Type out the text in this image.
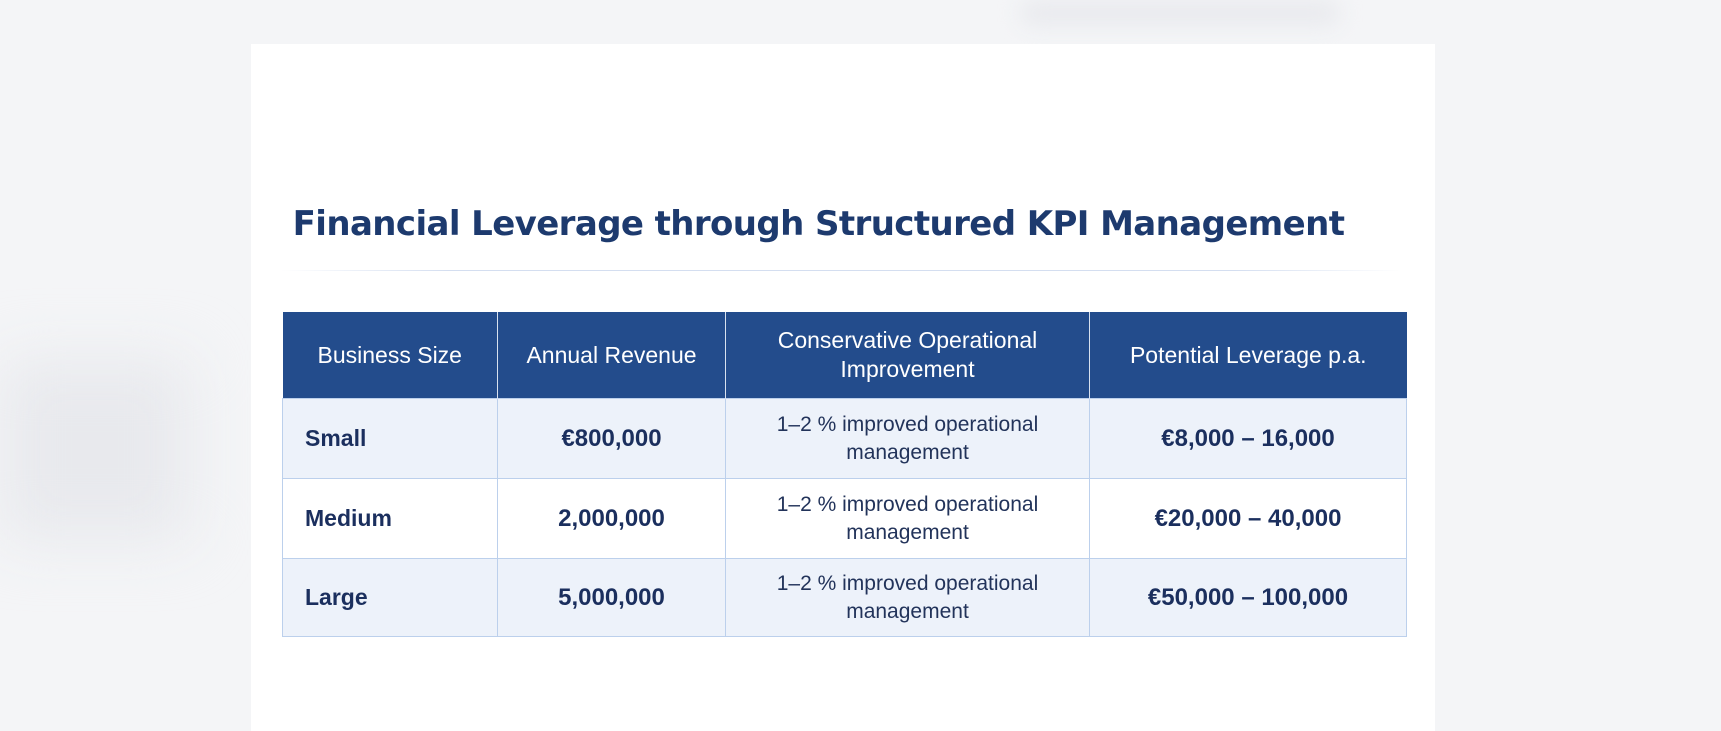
Financial Leverage through Structured KPI Management
Business Size	Annual Revenue	Conservative Operational Improvement	Potential Leverage p.a.
Small	€800,000	1–2 % improved operational management	€8,000 – 16,000
Medium	2,000,000	1–2 % improved operational management	€20,000 – 40,000
Large	5,000,000	1–2 % improved operational management	€50,000 – 100,000
